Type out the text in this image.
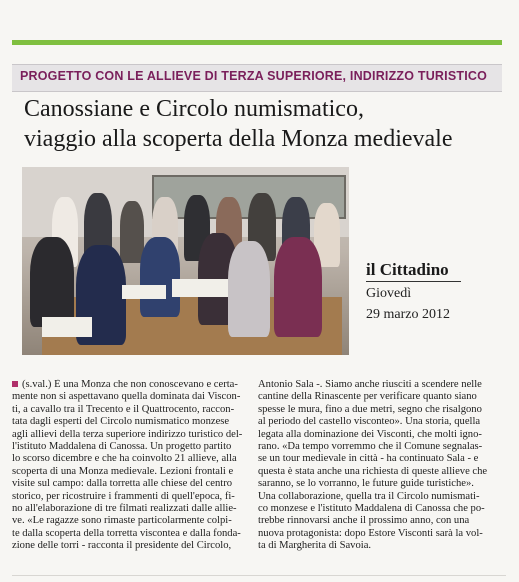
PROGETTO CON LE ALLIEVE DI TERZA SUPERIORE, INDIRIZZO TURISTICO
Canossiane e Circolo numismatico,
viaggio alla scoperta della Monza medievale
il Cittadino
Giovedì
29 marzo 2012
(s.val.) È una Monza che non conoscevano e certa-
mente non si aspettavano quella dominata dai Viscon-
ti, a cavallo tra il Trecento e il Quattrocento, raccon-
tata dagli esperti del Circolo numismatico monzese
agli allievi della terza superiore indirizzo turistico del-
l'istituto Maddalena di Canossa. Un progetto partito
lo scorso dicembre e che ha coinvolto 21 allieve, alla
scoperta di una Monza medievale. Lezioni frontali e
visite sul campo: dalla torretta alle chiese del centro
storico, per ricostruire i frammenti di quell'epoca, fi-
no all'elaborazione di tre filmati realizzati dalle allie-
ve. «Le ragazze sono rimaste particolarmente colpi-
te dalla scoperta della torretta viscontea e dalla fonda-
zione delle torri - racconta il presidente del Circolo,
Antonio Sala -. Siamo anche riusciti a scendere nelle
cantine della Rinascente per verificare quanto siano
spesse le mura, fino a due metri, segno che risalgono
al periodo del castello visconteo». Una storia, quella
legata alla dominazione dei Visconti, che molti igno-
rano. «Da tempo vorremmo che il Comune segnalas-
se un tour medievale in città - ha continuato Sala - e
questa è stata anche una richiesta di queste allieve che
saranno, se lo vorranno, le future guide turistiche».
Una collaborazione, quella tra il Circolo numismati-
co monzese e l'istituto Maddalena di Canossa che po-
trebbe rinnovarsi anche il prossimo anno, con una
nuova protagonista: dopo Estore Visconti sarà la vol-
ta di Margherita di Savoia.
